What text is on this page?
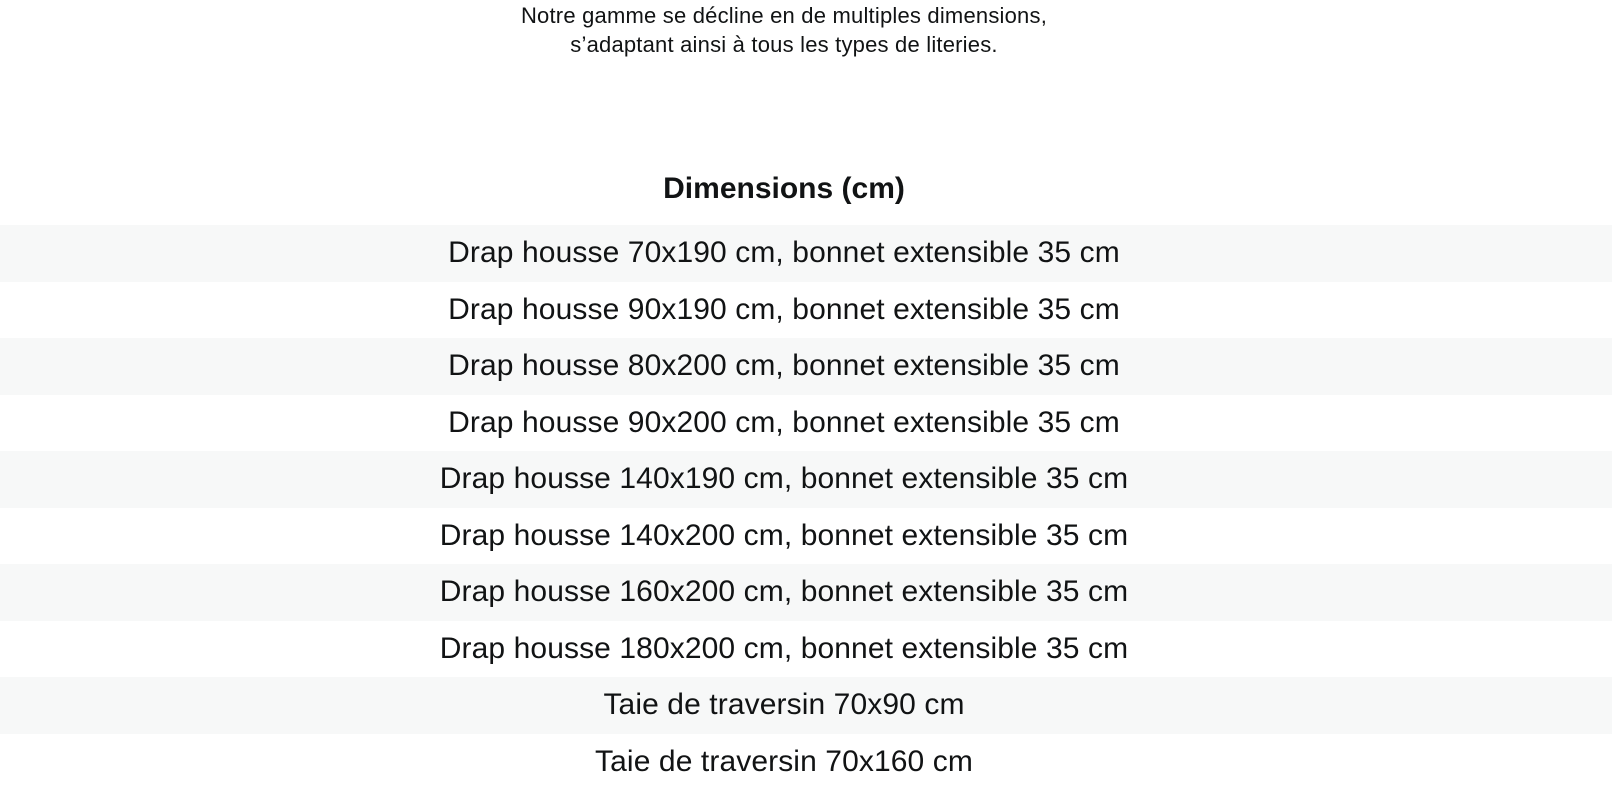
Notre gamme se décline en de multiples dimensions,
s’adaptant ainsi à tous les types de literies.

Dimensions (cm)
Drap housse 70x190 cm, bonnet extensible 35 cm
Drap housse 90x190 cm, bonnet extensible 35 cm
Drap housse 80x200 cm, bonnet extensible 35 cm
Drap housse 90x200 cm, bonnet extensible 35 cm
Drap housse 140x190 cm, bonnet extensible 35 cm
Drap housse 140x200 cm, bonnet extensible 35 cm
Drap housse 160x200 cm, bonnet extensible 35 cm
Drap housse 180x200 cm, bonnet extensible 35 cm
Taie de traversin 70x90 cm
Taie de traversin 70x160 cm
